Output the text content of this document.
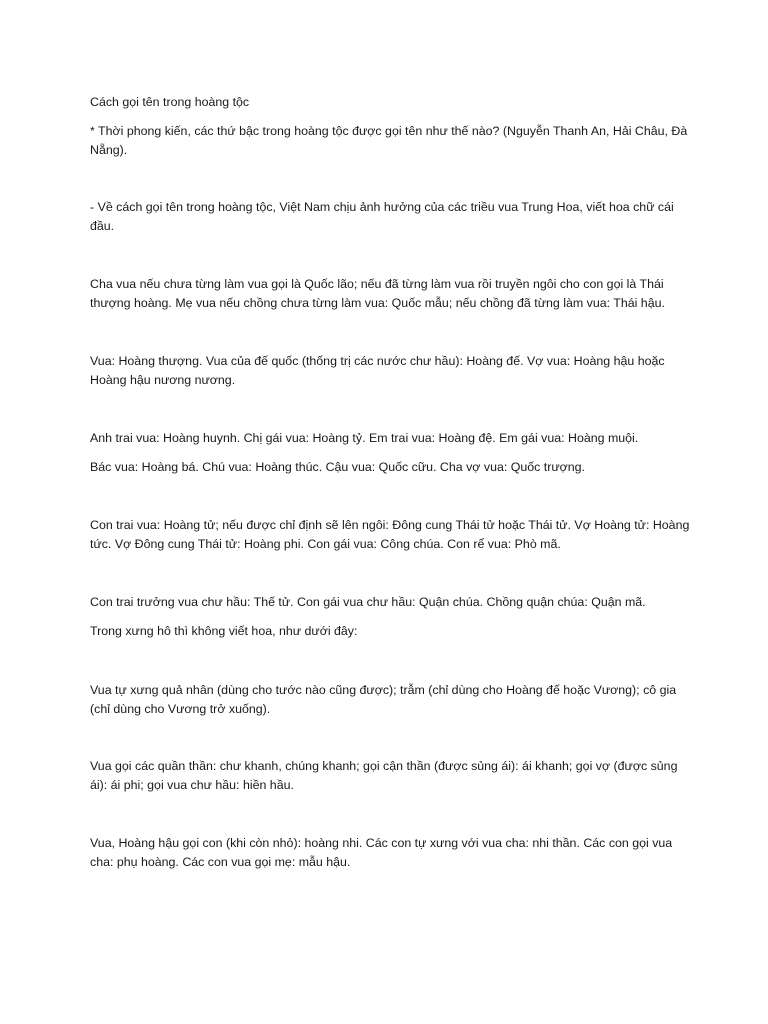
Cách gọi tên trong hoàng tộc

* Thời phong kiến, các thứ bậc trong hoàng tộc được gọi tên như thế nào? (Nguyễn Thanh An, Hải Châu, Đà Nẵng).

- Về cách gọi tên trong hoàng tộc, Việt Nam chịu ảnh hưởng của các triều vua Trung Hoa, viết hoa chữ cái đầu.

Cha vua nếu chưa từng làm vua gọi là Quốc lão; nếu đã từng làm vua rồi truyền ngôi cho con gọi là Thái thượng hoàng. Mẹ vua nếu chồng chưa từng làm vua: Quốc mẫu; nếu chồng đã từng làm vua: Thái hậu.

Vua: Hoàng thượng. Vua của đế quốc (thống trị các nước chư hầu): Hoàng đế. Vợ vua: Hoàng hậu hoặc Hoàng hậu nương nương.

Anh trai vua: Hoàng huynh. Chị gái vua: Hoàng tỷ. Em trai vua: Hoàng đệ. Em gái vua: Hoàng muội.

Bác vua: Hoàng bá. Chú vua: Hoàng thúc. Cậu vua: Quốc cữu. Cha vợ vua: Quốc trượng.

Con trai vua: Hoàng tử; nếu được chỉ định sẽ lên ngôi: Đông cung Thái tử hoặc Thái tử. Vợ Hoàng tử: Hoàng tức. Vợ Đông cung Thái tử: Hoàng phi. Con gái vua: Công chúa. Con rể vua: Phò mã.

Con trai trưởng vua chư hầu: Thế tử. Con gái vua chư hầu: Quận chúa. Chồng quận chúa: Quận mã.

Trong xưng hô thì không viết hoa, như dưới đây:

Vua tự xưng quả nhân (dùng cho tước nào cũng được); trẫm (chỉ dùng cho Hoàng đế hoặc Vương); cô gia (chỉ dùng cho Vương trở xuống).

Vua gọi các quần thần: chư khanh, chúng khanh; gọi cận thần (được sủng ái): ái khanh; gọi vợ (được sủng ái): ái phi; gọi vua chư hầu: hiền hầu.

Vua, Hoàng hậu gọi con (khi còn nhỏ): hoàng nhi. Các con tự xưng với vua cha: nhi thần. Các con gọi vua cha: phụ hoàng. Các con vua gọi mẹ: mẫu hậu.
